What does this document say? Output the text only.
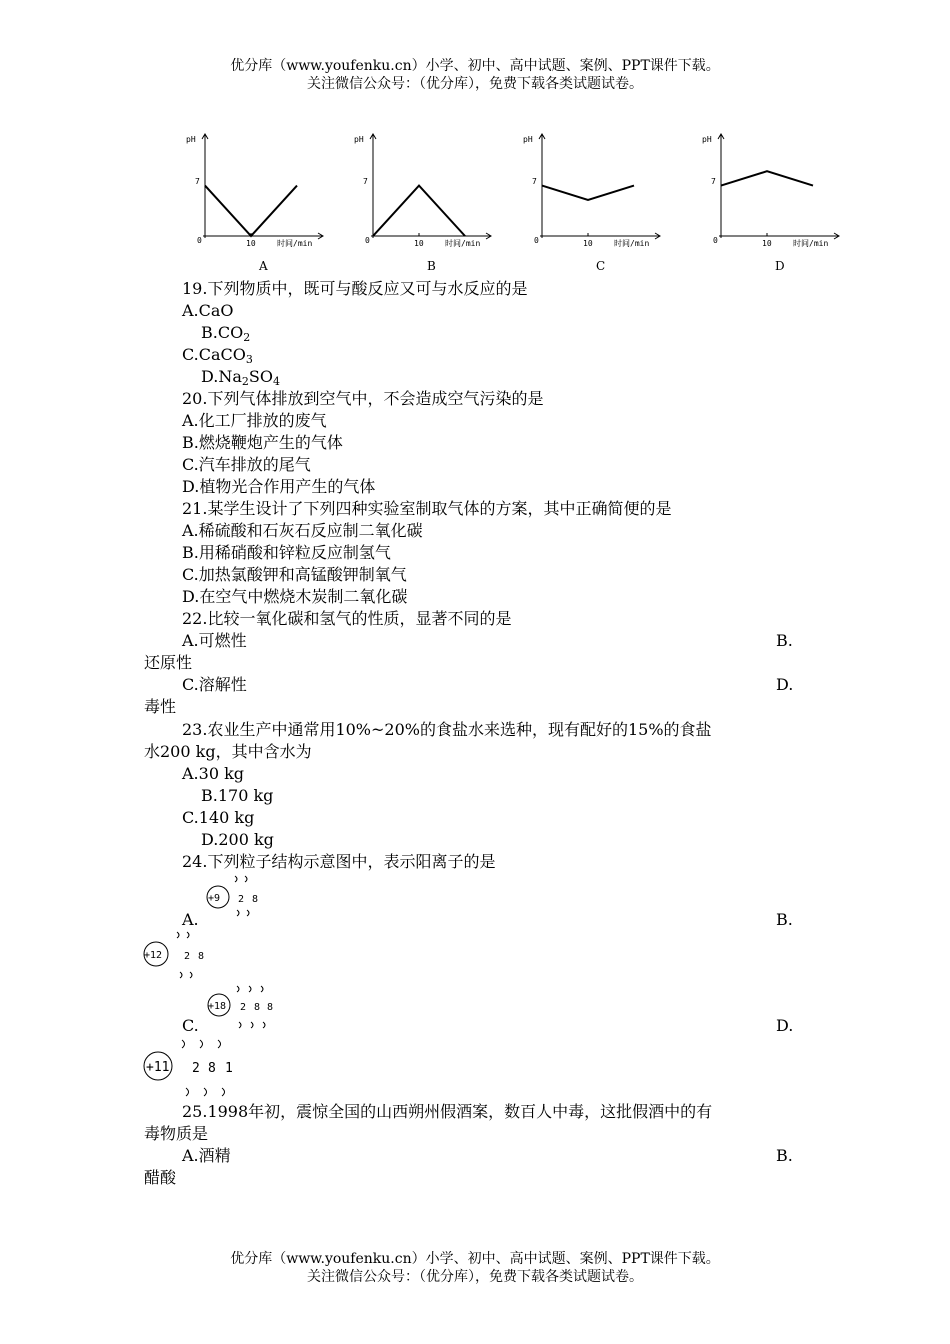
优分库（www.youfenku.cn）小学、初中、高中试题、案例、PPT课件下载。
关注微信公众号：（优分库），免费下载各类试题试卷。
pH
7
0	10	时间/min
A
pH
7
0	10	时间/min
B
pH
7
0	10	时间/min
C
pH
7
0	10	时间/min
D
19.下列物质中，既可与酸反应又可与水反应的是
A.CaO
$B.CO_2$
C.CaCO$_3$
$D.Na_2SO_4$
20.下列气体排放到空气中，不会造成空气污染的是
A.化工厂排放的废气
B.燃烧鞭炮产生的气体
C.汽车排放的尾气
D.植物光合作用产生的气体
21.某学生设计了下列四种实验室制取气体的方案，其中正确简便的是
A.稀硫酸和石灰石反应制二氧化碳
B.用稀硝酸和锌粒反应制氢气
C.加热氯酸钾和高锰酸钾制氧气
D.在空气中燃烧木炭制二氧化碳
22.比较一氧化碳和氢气的性质，显著不同的是
A.可燃性	B.
还原性
C.溶解性	D.
毒性
23.农业生产中通常用10%~20%的食盐水来选种，现有配好的15%的食盐
水200 kg，其中含水为
A.30 kg
B.170 kg
C.140 kg
D.200 kg
24.下列粒子结构示意图中，表示阳离子的是
+9 2 8
A.	B.
+12 2 8
+18 2 8 8
C.	D.
+11 2 8 1
25.1998年初，震惊全国的山西朔州假酒案，数百人中毒，这批假酒中的有
毒物质是
A.酒精	B.
醋酸
优分库（www.youfenku.cn）小学、初中、高中试题、案例、PPT课件下载。
关注微信公众号：（优分库），免费下载各类试题试卷。
